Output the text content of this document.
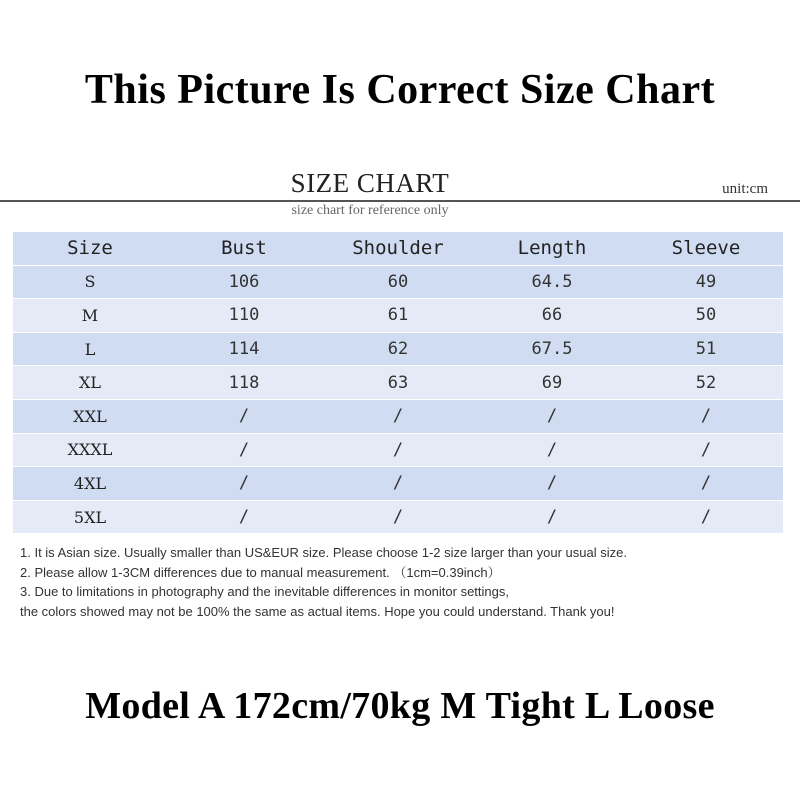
This Picture Is Correct Size Chart
SIZE CHART	unit:cm
size chart for reference only
Size	Bust	Shoulder	Length	Sleeve
S	106	60	64.5	49
M	110	61	66	50
L	114	62	67.5	51
XL	118	63	69	52
XXL	/	/	/	/
XXXL	/	/	/	/
4XL	/	/	/	/
5XL	/	/	/	/
1. It is Asian size. Usually smaller than US&EUR size. Please choose 1-2 size larger than your usual size.
2. Please allow 1-3CM differences due to manual measurement. （1cm=0.39inch）
3. Due to limitations in photography and the inevitable differences in monitor settings,
the colors showed may not be 100% the same as actual items. Hope you could understand. Thank you!
Model A 172cm/70kg M Tight L Loose
